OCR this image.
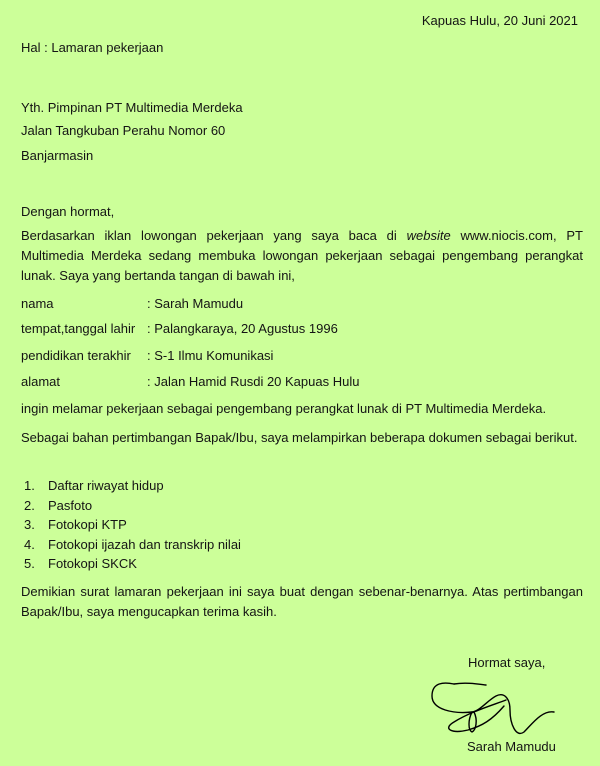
Kapuas Hulu, 20 Juni 2021
Hal : Lamaran pekerjaan
Yth. Pimpinan PT Multimedia Merdeka
Jalan Tangkuban Perahu Nomor 60
Banjarmasin
Dengan hormat,
Berdasarkan iklan lowongan pekerjaan yang saya baca di website www.niocis.com, PT Multimedia Merdeka sedang membuka lowongan pekerjaan sebagai pengembang perangkat lunak. Saya yang bertanda tangan di bawah ini,
nama	: Sarah Mamudu
tempat,tanggal lahir : Palangkaraya, 20 Agustus 1996
pendidikan terakhir : S-1 Ilmu Komunikasi
alamat	: Jalan Hamid Rusdi 20 Kapuas Hulu
ingin melamar pekerjaan sebagai pengembang perangkat lunak di PT Multimedia Merdeka.
Sebagai bahan pertimbangan Bapak/Ibu, saya melampirkan beberapa dokumen sebagai berikut.
1. Daftar riwayat hidup
2. Pasfoto
3. Fotokopi KTP
4. Fotokopi ijazah dan transkrip nilai
5. Fotokopi SKCK
Demikian surat lamaran pekerjaan ini saya buat dengan sebenar-benarnya. Atas pertimbangan Bapak/Ibu, saya mengucapkan terima kasih.
Hormat saya,
Sarah Mamudu
